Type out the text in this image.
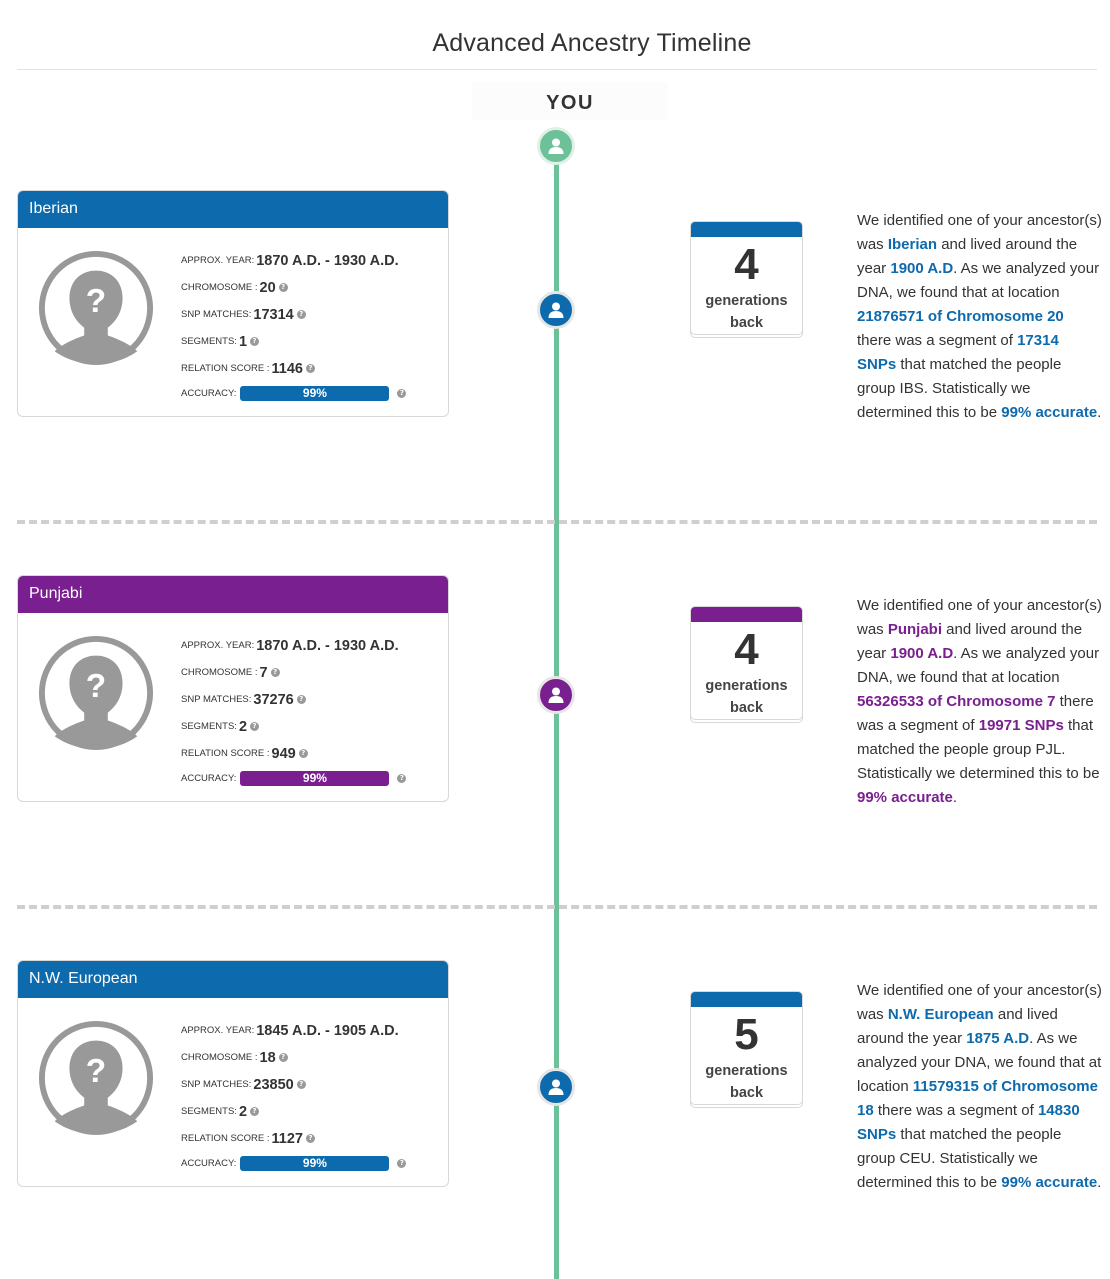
Advanced Ancestry Timeline
YOU
Iberian
?
APPROX. YEAR: 1870 A.D. - 1930 A.D.
CHROMOSOME : 20 ?
SNP MATCHES: 17314 ?
SEGMENTS: 1 ?
RELATION SCORE : 1146 ?
ACCURACY:	99%	?
4
generations
back
We identified one of your ancestor(s) was Iberian and lived around the year 1900 A.D. As we analyzed your DNA, we found that at location 21876571 of Chromosome 20 there was a segment of 17314 SNPs that matched the people group IBS. Statistically we determined this to be 99% accurate.
Punjabi
?
APPROX. YEAR: 1870 A.D. - 1930 A.D.
CHROMOSOME : 7 ?
SNP MATCHES: 37276 ?
SEGMENTS: 2 ?
RELATION SCORE : 949 ?
ACCURACY:	99%	?
4
generations
back
We identified one of your ancestor(s) was Punjabi and lived around the year 1900 A.D. As we analyzed your DNA, we found that at location 56326533 of Chromosome 7 there was a segment of 19971 SNPs that matched the people group PJL. Statistically we determined this to be 99% accurate.
N.W. European
?
APPROX. YEAR: 1845 A.D. - 1905 A.D.
CHROMOSOME : 18 ?
SNP MATCHES: 23850 ?
SEGMENTS: 2 ?
RELATION SCORE : 1127 ?
ACCURACY:	99%	?
5
generations
back
We identified one of your ancestor(s) was N.W. European and lived around the year 1875 A.D. As we analyzed your DNA, we found that at location 11579315 of Chromosome 18 there was a segment of 14830 SNPs that matched the people group CEU. Statistically we determined this to be 99% accurate.
